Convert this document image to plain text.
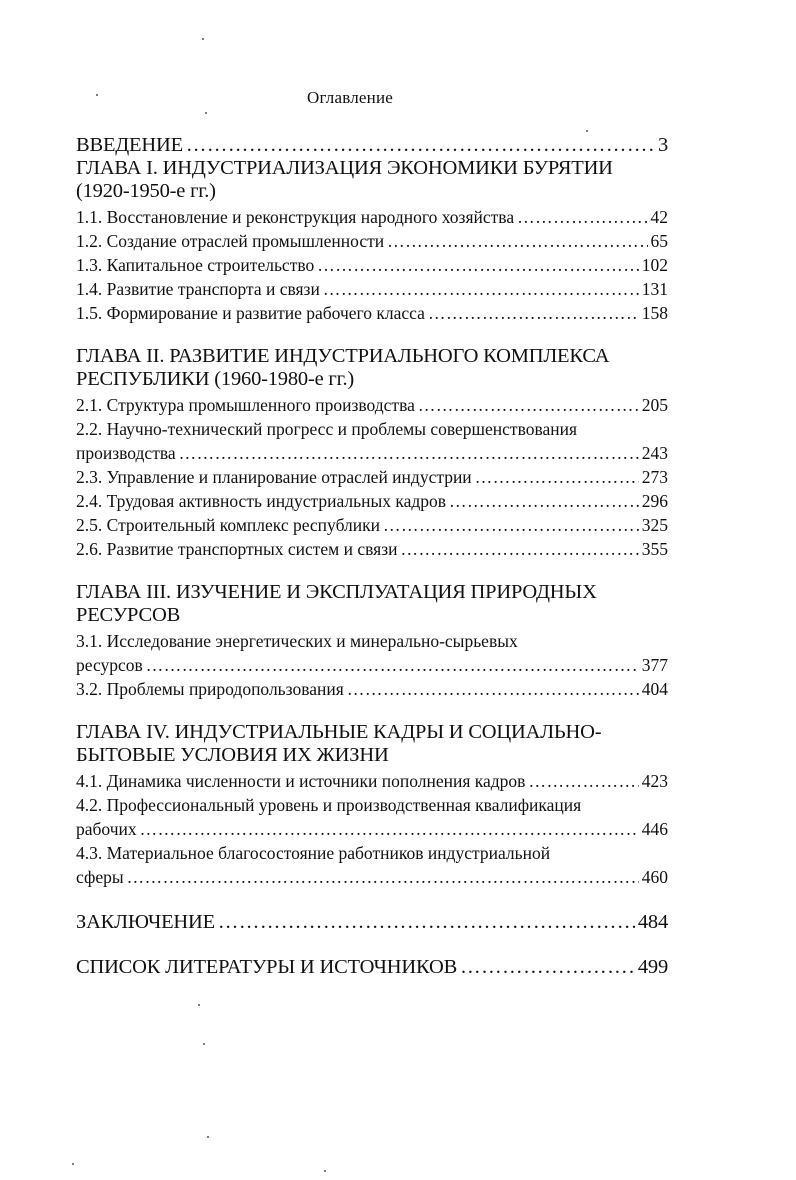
Оглавление
ВВЕДЕНИЕ …………………………………………………………………………………………………………………………………………………………………………………………………………………	3
ГЛАВА I. ИНДУСТРИАЛИЗАЦИЯ ЭКОНОМИКИ БУРЯТИИ
(1920-1950-е гг.)
1.1. Восстановление и реконструкция народного хозяйства …………………………………………………………………………………………………………………………………………………………………………………………………………………	42
1.2. Создание отраслей промышленности …………………………………………………………………………………………………………………………………………………………………………………………………………………	65
1.3. Капитальное строительство …………………………………………………………………………………………………………………………………………………………………………………………………………………	102
1.4. Развитие транспорта и связи …………………………………………………………………………………………………………………………………………………………………………………………………………………	131
1.5. Формирование и развитие рабочего класса …………………………………………………………………………………………………………………………………………………………………………………………………………………	158
ГЛАВА II. РАЗВИТИЕ ИНДУСТРИАЛЬНОГО КОМПЛЕКСА
РЕСПУБЛИКИ (1960-1980-е гг.)
2.1. Структура промышленного производства …………………………………………………………………………………………………………………………………………………………………………………………………………………	205
2.2. Научно-технический прогресс и проблемы совершенствования
производства …………………………………………………………………………………………………………………………………………………………………………………………………………………	243
2.3. Управление и планирование отраслей индустрии …………………………………………………………………………………………………………………………………………………………………………………………………………………	273
2.4. Трудовая активность индустриальных кадров …………………………………………………………………………………………………………………………………………………………………………………………………………………	296
2.5. Строительный комплекс республики …………………………………………………………………………………………………………………………………………………………………………………………………………………	325
2.6. Развитие транспортных систем и связи …………………………………………………………………………………………………………………………………………………………………………………………………………………	355
ГЛАВА III. ИЗУЧЕНИЕ И ЭКСПЛУАТАЦИЯ ПРИРОДНЫХ
РЕСУРСОВ
3.1. Исследование энергетических и минерально-сырьевых
ресурсов …………………………………………………………………………………………………………………………………………………………………………………………………………………	377
3.2. Проблемы природопользования …………………………………………………………………………………………………………………………………………………………………………………………………………………	404
ГЛАВА IV. ИНДУСТРИАЛЬНЫЕ КАДРЫ И СОЦИАЛЬНО-
БЫТОВЫЕ УСЛОВИЯ ИХ ЖИЗНИ
4.1. Динамика численности и источники пополнения кадров …………………………………………………………………………………………………………………………………………………………………………………………………………………	423
4.2. Профессиональный уровень и производственная квалификация
рабочих …………………………………………………………………………………………………………………………………………………………………………………………………………………	446
4.3. Материальное благосостояние работников индустриальной
сферы …………………………………………………………………………………………………………………………………………………………………………………………………………………	460
ЗАКЛЮЧЕНИЕ …………………………………………………………………………………………………………………………………………………………………………………………………………………	484
СПИСОК ЛИТЕРАТУРЫ И ИСТОЧНИКОВ …………………………………………………………………………………………………………………………………………………………………………………………………………………	499
